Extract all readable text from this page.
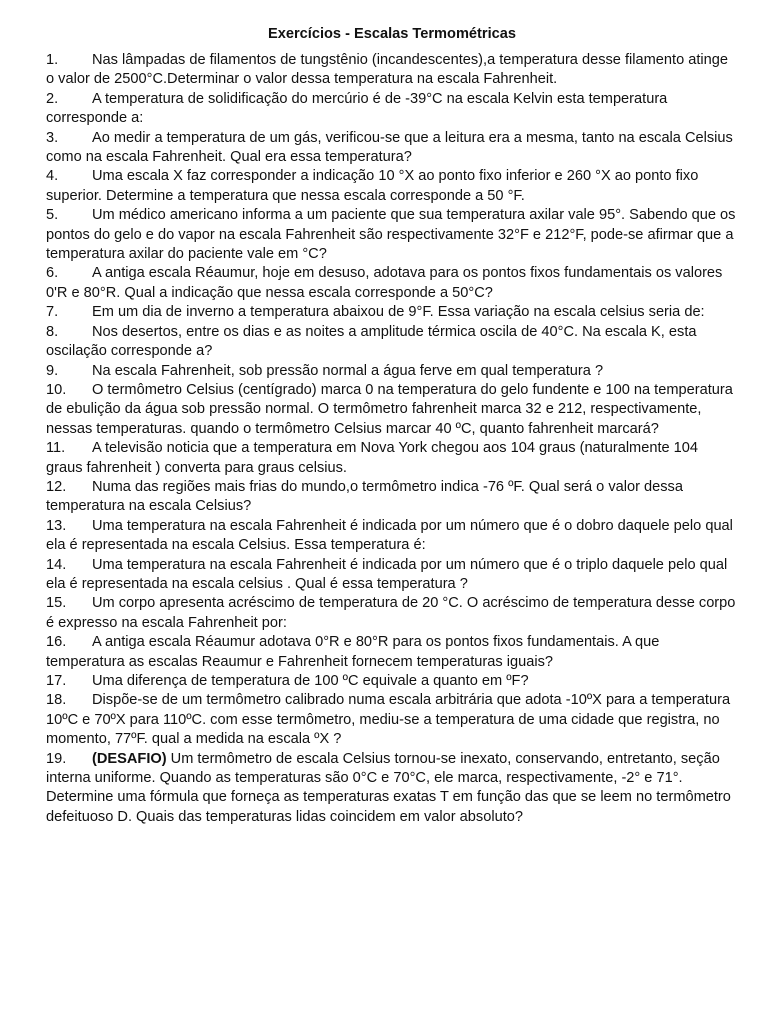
Exercícios - Escalas Termométricas

1. Nas lâmpadas de filamentos de tungstênio (incandescentes),a temperatura desse filamento atinge o valor de 2500°C.Determinar o valor dessa temperatura na escala Fahrenheit.

2. A temperatura de solidificação do mercúrio é de -39°C na escala Kelvin esta temperatura corresponde a:

3. Ao medir a temperatura de um gás, verificou-se que a leitura era a mesma, tanto na escala Celsius como na escala Fahrenheit. Qual era essa temperatura?

4. Uma escala X faz corresponder a indicação 10 °X ao ponto fixo inferior e 260 °X ao ponto fixo superior. Determine a temperatura que nessa escala corresponde a 50 °F.

5. Um médico americano informa a um paciente que sua temperatura axilar vale 95°. Sabendo que os pontos do gelo e do vapor na escala Fahrenheit são respectivamente 32°F e 212°F, pode-se afirmar que a temperatura axilar do paciente vale em °C?

6. A antiga escala Réaumur, hoje em desuso, adotava para os pontos fixos fundamentais os valores 0'R e 80°R. Qual a indicação que nessa escala corresponde a 50°C?

7. Em um dia de inverno a temperatura abaixou de 9°F. Essa variação na escala celsius seria de:

8. Nos desertos, entre os dias e as noites a amplitude térmica oscila de 40°C. Na escala K, esta oscilação corresponde a?

9. Na escala Fahrenheit, sob pressão normal a água ferve em qual temperatura ?

10. O termômetro Celsius (centígrado) marca 0 na temperatura do gelo fundente e 100 na temperatura de ebulição da água sob pressão normal. O termômetro fahrenheit marca 32 e 212, respectivamente, nessas temperaturas. quando o termômetro Celsius marcar 40 ºC, quanto fahrenheit marcará?

11. A televisão noticia que a temperatura em Nova York chegou aos 104 graus (naturalmente 104 graus fahrenheit ) converta para graus celsius.

12. Numa das regiões mais frias do mundo,o termômetro indica -76 ºF. Qual será o valor dessa temperatura na escala Celsius?

13. Uma temperatura na escala Fahrenheit é indicada por um número que é o dobro daquele pelo qual ela é representada na escala Celsius. Essa temperatura é:

14. Uma temperatura na escala Fahrenheit é indicada por um número que é o triplo daquele pelo qual ela é representada na escala celsius . Qual é essa temperatura ?

15. Um corpo apresenta acréscimo de temperatura de 20 °C. O acréscimo de temperatura desse corpo é expresso na escala Fahrenheit por:

16. A antiga escala Réaumur adotava 0°R e 80°R para os pontos fixos fundamentais. A que temperatura as escalas Reaumur e Fahrenheit fornecem temperaturas iguais?

17. Uma diferença de temperatura de 100 ºC equivale a quanto em ºF?

18. Dispõe-se de um termômetro calibrado numa escala arbitrária que adota -10ºX para a temperatura 10ºC e 70ºX para 110ºC. com esse termômetro, mediu-se a temperatura de uma cidade que registra, no momento, 77ºF. qual a medida na escala ºX ?

19. (DESAFIO) Um termômetro de escala Celsius tornou-se inexato, conservando, entretanto, seção interna uniforme. Quando as temperaturas são 0°C e 70°C, ele marca, respectivamente, -2° e 71°. Determine uma fórmula que forneça as temperaturas exatas T em função das que se leem no termômetro defeituoso D. Quais das temperaturas lidas coincidem em valor absoluto?
